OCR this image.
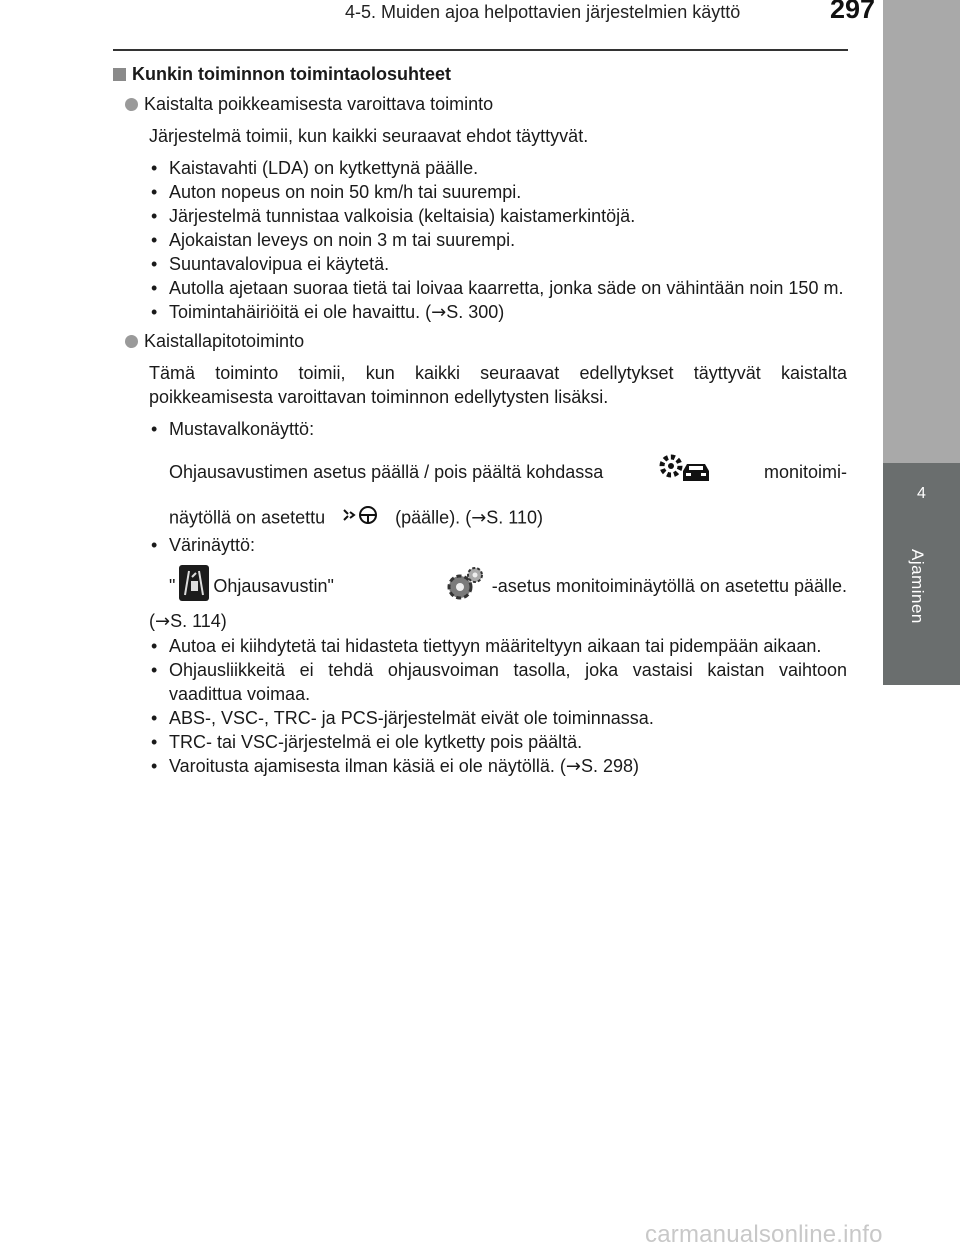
4-5. Muiden ajoa helpottavien järjestelmien käyttö	297
4
Ajaminen
Kunkin toiminnon toimintaolosuhteet
Kaistalta poikkeamisesta varoittava toiminto
Järjestelmä toimii, kun kaikki seuraavat ehdot täyttyvät.
• Kaistavahti (LDA) on kytkettynä päälle.
• Auton nopeus on noin 50 km/h tai suurempi.
• Järjestelmä tunnistaa valkoisia (keltaisia) kaistamerkintöjä.
• Ajokaistan leveys on noin 3 m tai suurempi.
• Suuntavalovipua ei käytetä.
• Autolla ajetaan suoraa tietä tai loivaa kaarretta, jonka säde on vähintään noin 150 m.
• Toimintahäiriöitä ei ole havaittu. (→S. 300)
Kaistallapitotoiminto
Tämä toiminto toimii, kun kaikki seuraavat edellytykset täyttyvät kaistalta poikkeamisesta varoittavan toiminnon edellytysten lisäksi.
• Mustavalkonäyttö:
Ohjausavustimen asetus päällä / pois päältä kohdassa	monitoimi-
näytöllä on asetettu	(päälle). (→S. 110)
• Värinäyttö:
" Ohjausavustin"	-asetus monitoiminäytöllä on asetettu päälle.
(→S. 114)
• Autoa ei kiihdytetä tai hidasteta tiettyyn määriteltyyn aikaan tai pidempään aikaan.
• Ohjausliikkeitä ei tehdä ohjausvoiman tasolla, joka vastaisi kaistan vaihtoon vaadittua voimaa.
• ABS-, VSC-, TRC- ja PCS-järjestelmät eivät ole toiminnassa.
• TRC- tai VSC-järjestelmä ei ole kytketty pois päältä.
• Varoitusta ajamisesta ilman käsiä ei ole näytöllä. (→S. 298)
carmanualsonline.info
